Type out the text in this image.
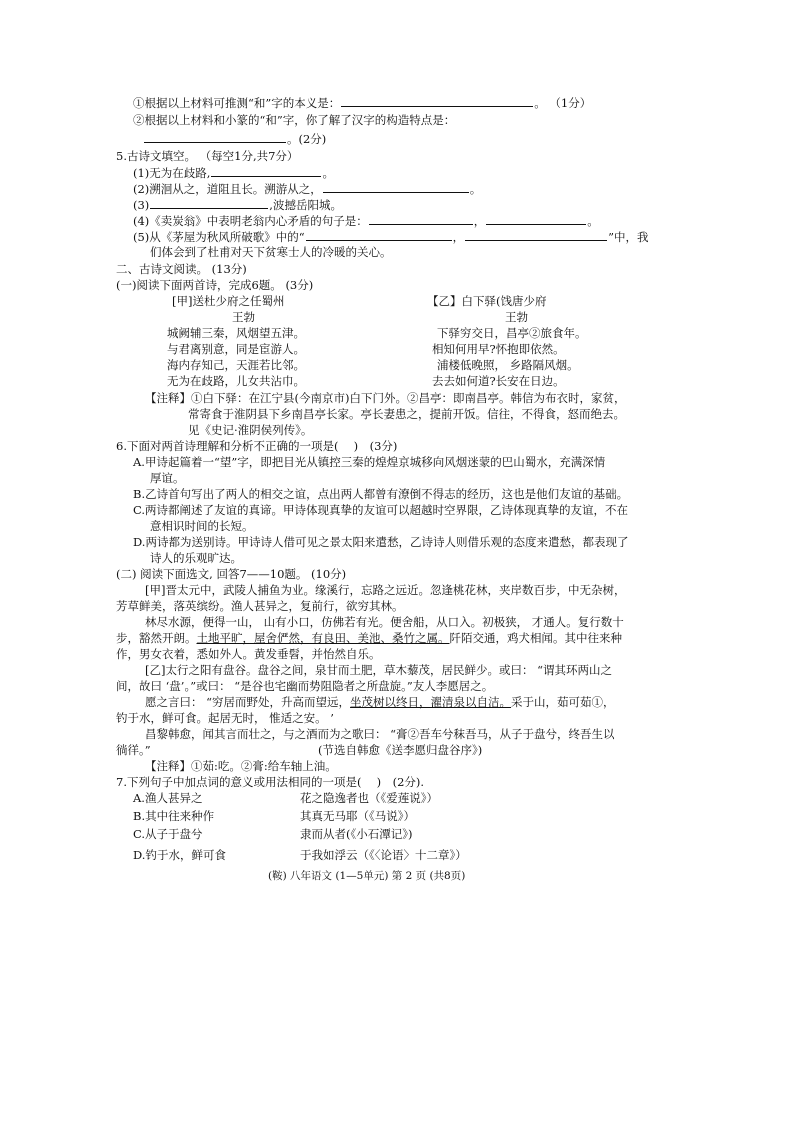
①根据以上材料可推测“和”字的本义是：	。 （1分）
②根据以上材料和小篆的“和”字，你了解了汉字的构造特点是：
。(2分)
5.古诗文填空。 （每空1分,共7分）
(1)无为在歧路,	。
(2)溯洄从之，道阻且长。溯游从之，	。
(3)	,波撼岳阳城。
(4)《卖炭翁》中表明老翁内心矛盾的句子是：	，	。
(5)从《茅屋为秋风所破歌》中的“	，	”中，我
们体会到了杜甫对天下贫寒士人的冷暖的关心。
二、古诗文阅读。 (13分)
(一)阅读下面两首诗，完成6题。 (3分)
[甲]送杜少府之任蜀州
王勃
城阙辅三秦，风烟望五津。
与君离别意，同是宦游人。
海内存知己，天涯若比邻。
无为在歧路，儿女共沾巾。
【乙】白下驿(饯唐少府
王勃
下驿穷交日，昌亭②旅食年。
相知何用早?怀抱即依然。
浦楼低晚照， 乡路隔风烟。
去去如何道?长安在日边。
【注释】①白下驿：在江宁县(今南京市)白下门外。②昌亭：即南昌亭。韩信为布衣时，家贫，
常寄食于淮阴县下乡南昌亭长家。亭长妻患之，提前开饭。信往，不得食，怒而绝去。
见《史记·淮阴侯列传》。
6.下面对两首诗理解和分析不正确的一项是(　 )　(3分)
A.甲诗起篇着一“望”字，即把目光从镇控三秦的煌煌京城移向风烟迷蒙的巴山蜀水，充满深情
厚谊。
B.乙诗首句写出了两人的相交之谊，点出两人都曾有潦倒不得志的经历，这也是他们友谊的基础。
C.两诗都阐述了友谊的真谛。甲诗体现真挚的友谊可以超越时空界限，乙诗体现真挚的友谊，不在
意相识时间的长短。
D.两诗都为送别诗。甲诗诗人借可见之景太阳来遣愁，乙诗诗人则借乐观的态度来遣愁，都表现了
诗人的乐观旷达。
(二) 阅读下面选文, 回答7——10题。 (10分)
[甲]晋太元中，武陵人捕鱼为业。缘溪行，忘路之远近。忽逢桃花林，夹岸数百步，中无杂树，
芳草鲜美，落英缤纷。渔人甚异之，复前行，欲穷其林。
林尽水源，便得一山， 山有小口，仿佛若有光。便舍船，从口入。初极狭， 才通人。复行数十
步，豁然开朗。土地平旷，屋舍俨然，有良田、美池、桑竹之属。阡陌交通，鸡犬相闻。其中往来种
作，男女衣着，悉如外人。黄发垂髫，并怡然自乐。
[乙]太行之阳有盘谷。盘谷之间，泉甘而土肥，草木藜茂，居民鲜少。或曰： “谓其环两山之
间，故曰 ‘盘’。”或曰： “是谷也宅幽而势阻隐者之所盘旋。”友人李愿居之。
愿之言曰： “穷居而野处，升高而望远，坐茂树以终日，濯清泉以自洁。采于山，茹可茹①，
钓于水，鲜可食。起居无时， 惟适之安。 ’
昌黎韩愈，闻其言而壮之，与之酒而为之歌曰： “膏②吾车兮秣吾马，从子于盘兮，终吾生以
徜徉。”	(节选自韩愈《送李愿归盘谷序》)
【注释】①茹:吃。②膏:给车轴上油。
7.下列句子中加点词的意义或用法相同的一项是(　 )　(2分).
A.渔人甚异之	花之隐逸者也（《爱莲说》）
B.其中往来种作	其真无马耶（《马说》）
C.从子于盘兮	隶而从者(《小石潭记》)
D.钓于水，鲜可食	于我如浮云（《〈论语〉十二章》）
(鞍) 八年语文 (1—5单元) 第 2 页 (共8页)
